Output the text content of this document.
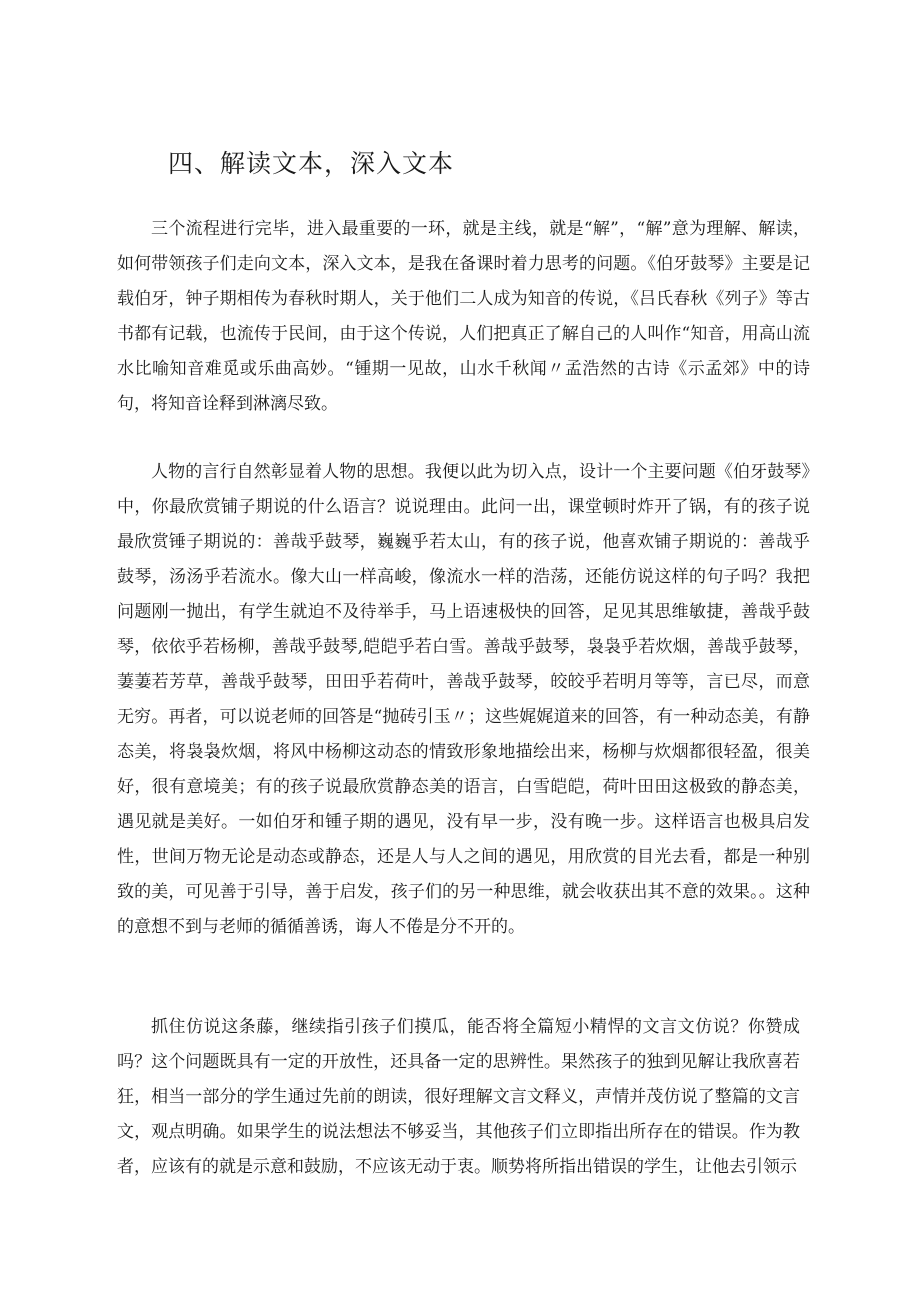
四、解读文本，深入文本

三个流程进行完毕，进入最重要的一环，就是主线，就是“解”，“解”意为理解、解读，如何带领孩子们走向文本，深入文本，是我在备课时着力思考的问题。《伯牙鼓琴》主要是记载伯牙，钟子期相传为春秋时期人，关于他们二人成为知音的传说，《吕氏春秋《列子》等古书都有记载，也流传于民间，由于这个传说，人们把真正了解自己的人叫作“知音，用高山流水比喻知音难觅或乐曲高妙。“锺期一见故，山水千秋闻〃孟浩然的古诗《示孟郊》中的诗句，将知音诠释到淋漓尽致。

人物的言行自然彰显着人物的思想。我便以此为切入点，设计一个主要问题《伯牙鼓琴》中，你最欣赏铺子期说的什么语言？说说理由。此问一出，课堂顿时炸开了锅，有的孩子说最欣赏锤子期说的：善哉乎鼓琴，巍巍乎若太山，有的孩子说，他喜欢铺子期说的：善哉乎鼓琴，汤汤乎若流水。像大山一样高峻，像流水一样的浩荡，还能仿说这样的句子吗？我把问题刚一抛出，有学生就迫不及待举手，马上语速极快的回答，足见其思维敏捷，善哉乎鼓琴，依依乎若杨柳，善哉乎鼓琴,皑皑乎若白雪。善哉乎鼓琴，袅袅乎若炊烟，善哉乎鼓琴，萋萋若芳草，善哉乎鼓琴，田田乎若荷叶，善哉乎鼓琴，皎皎乎若明月等等，言已尽，而意无穷。再者，可以说老师的回答是“抛砖引玉〃；这些娓娓道来的回答，有一种动态美，有静态美，将袅袅炊烟，将风中杨柳这动态的情致形象地描绘出来，杨柳与炊烟都很轻盈，很美好，很有意境美；有的孩子说最欣赏静态美的语言，白雪皑皑，荷叶田田这极致的静态美，遇见就是美好。一如伯牙和锺子期的遇见，没有早一步，没有晚一步。这样语言也极具启发性，世间万物无论是动态或静态，还是人与人之间的遇见，用欣赏的目光去看，都是一种别致的美，可见善于引导，善于启发，孩子们的另一种思维，就会收获出其不意的效果。。这种的意想不到与老师的循循善诱，诲人不倦是分不开的。

抓住仿说这条藤，继续指引孩子们摸瓜，能否将全篇短小精悍的文言文仿说？你赞成吗？这个问题既具有一定的开放性，还具备一定的思辨性。果然孩子的独到见解让我欣喜若狂，相当一部分的学生通过先前的朗读，很好理解文言文释义，声情并茂仿说了整篇的文言文，观点明确。如果学生的说法想法不够妥当，其他孩子们立即指出所存在的错误。作为教者，应该有的就是示意和鼓励，不应该无动于衷。顺势将所指出错误的学生，让他去引领示
